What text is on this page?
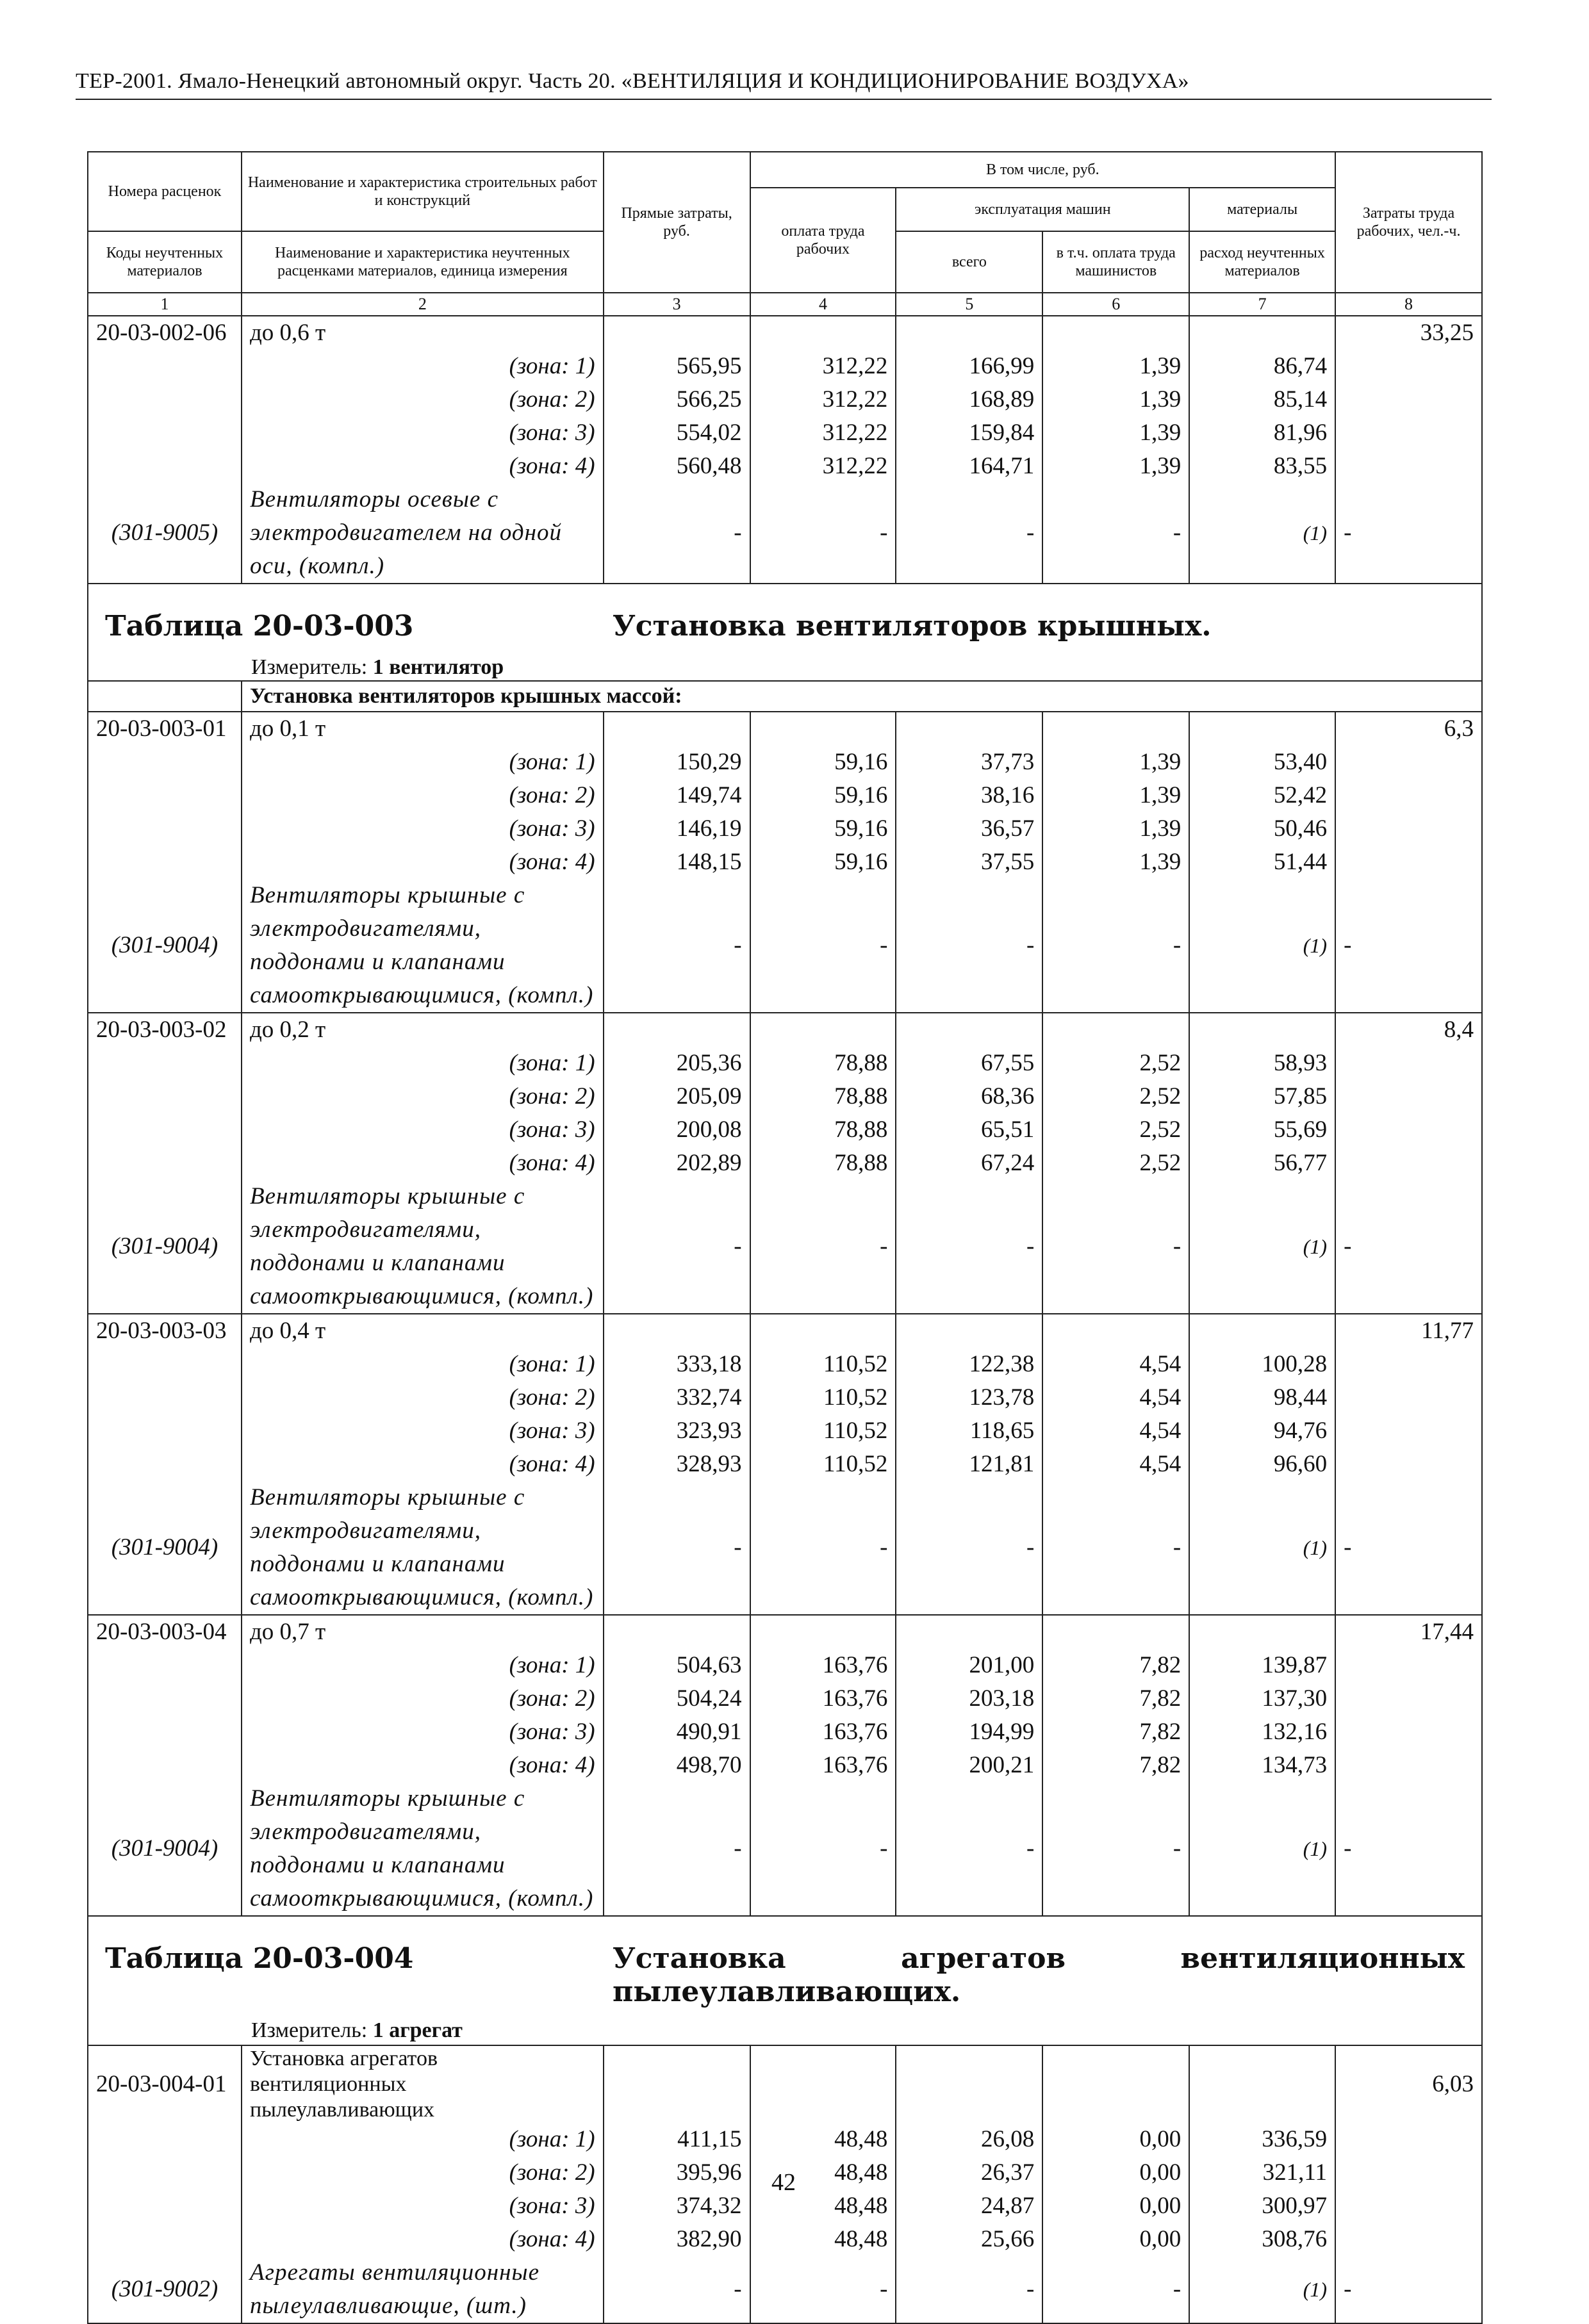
ТЕР-2001. Ямало-Ненецкий автономный округ. Часть 20. «ВЕНТИЛЯЦИЯ И КОНДИЦИОНИРОВАНИЕ ВОЗДУХА»
Номера расценок	Наименование и характеристика строительных работ и конструкций	Прямые затраты, руб.	В том числе, руб.				Затраты труда рабочих, чел.-ч.
			оплата труда рабочих	эксплуатация машин		материалы	
Коды неучтенных материалов	Наименование и характеристика неучтенных расценками материалов, единица измерения			всего	в т.ч. оплата труда машинистов	расход неучтенных материалов	
1	2	3	4	5	6	7	8
20-03-002-06	до 0,6 т						33,25
	(зона: 1)	565,95	312,22	166,99	1,39	86,74	
	(зона: 2)	566,25	312,22	168,89	1,39	85,14	
	(зона: 3)	554,02	312,22	159,84	1,39	81,96	
	(зона: 4)	560,48	312,22	164,71	1,39	83,55	
(301-9005)	Вентиляторы осевые с электродвигателем на одной оси, (компл.)	-	-	-	-	(1)	-

Таблица 20-03-003 Установка вентиляторов крышных.
Измеритель: 1 вентилятор							

	Установка вентиляторов крышных массой:						
20-03-003-01	до 0,1 т						6,3
	(зона: 1)	150,29	59,16	37,73	1,39	53,40	
	(зона: 2)	149,74	59,16	38,16	1,39	52,42	
	(зона: 3)	146,19	59,16	36,57	1,39	50,46	
	(зона: 4)	148,15	59,16	37,55	1,39	51,44	
(301-9004)	Вентиляторы крышные с электродвигателями, поддонами и клапанами самооткрывающимися, (компл.)	-	-	-	-	(1)	-
20-03-003-02	до 0,2 т						8,4
	(зона: 1)	205,36	78,88	67,55	2,52	58,93	
	(зона: 2)	205,09	78,88	68,36	2,52	57,85	
	(зона: 3)	200,08	78,88	65,51	2,52	55,69	
	(зона: 4)	202,89	78,88	67,24	2,52	56,77	
(301-9004)	Вентиляторы крышные с электродвигателями, поддонами и клапанами самооткрывающимися, (компл.)	-	-	-	-	(1)	-
20-03-003-03	до 0,4 т						11,77
	(зона: 1)	333,18	110,52	122,38	4,54	100,28	
	(зона: 2)	332,74	110,52	123,78	4,54	98,44	
	(зона: 3)	323,93	110,52	118,65	4,54	94,76	
	(зона: 4)	328,93	110,52	121,81	4,54	96,60	
(301-9004)	Вентиляторы крышные с электродвигателями, поддонами и клапанами самооткрывающимися, (компл.)	-	-	-	-	(1)	-
20-03-003-04	до 0,7 т						17,44
	(зона: 1)	504,63	163,76	201,00	7,82	139,87	
	(зона: 2)	504,24	163,76	203,18	7,82	137,30	
	(зона: 3)	490,91	163,76	194,99	7,82	132,16	
	(зона: 4)	498,70	163,76	200,21	7,82	134,73	
(301-9004)	Вентиляторы крышные с электродвигателями, поддонами и клапанами самооткрывающимися, (компл.)	-	-	-	-	(1)	-

Таблица 20-03-004 Установка агрегатов вентиляционных пылеулавливающих.
Измеритель: 1 агрегат							

20-03-004-01	Установка агрегатов вентиляционных пылеулавливающих						6,03
	(зона: 1)	411,15	48,48	26,08	0,00	336,59	
	(зона: 2)	395,96	48,48	26,37	0,00	321,11	
	(зона: 3)	374,32	48,48	24,87	0,00	300,97	
	(зона: 4)	382,90	48,48	25,66	0,00	308,76	
(301-9002)	Агрегаты вентиляционные пылеулавливающие, (шт.)	-	-	-	-	(1)	-
42
